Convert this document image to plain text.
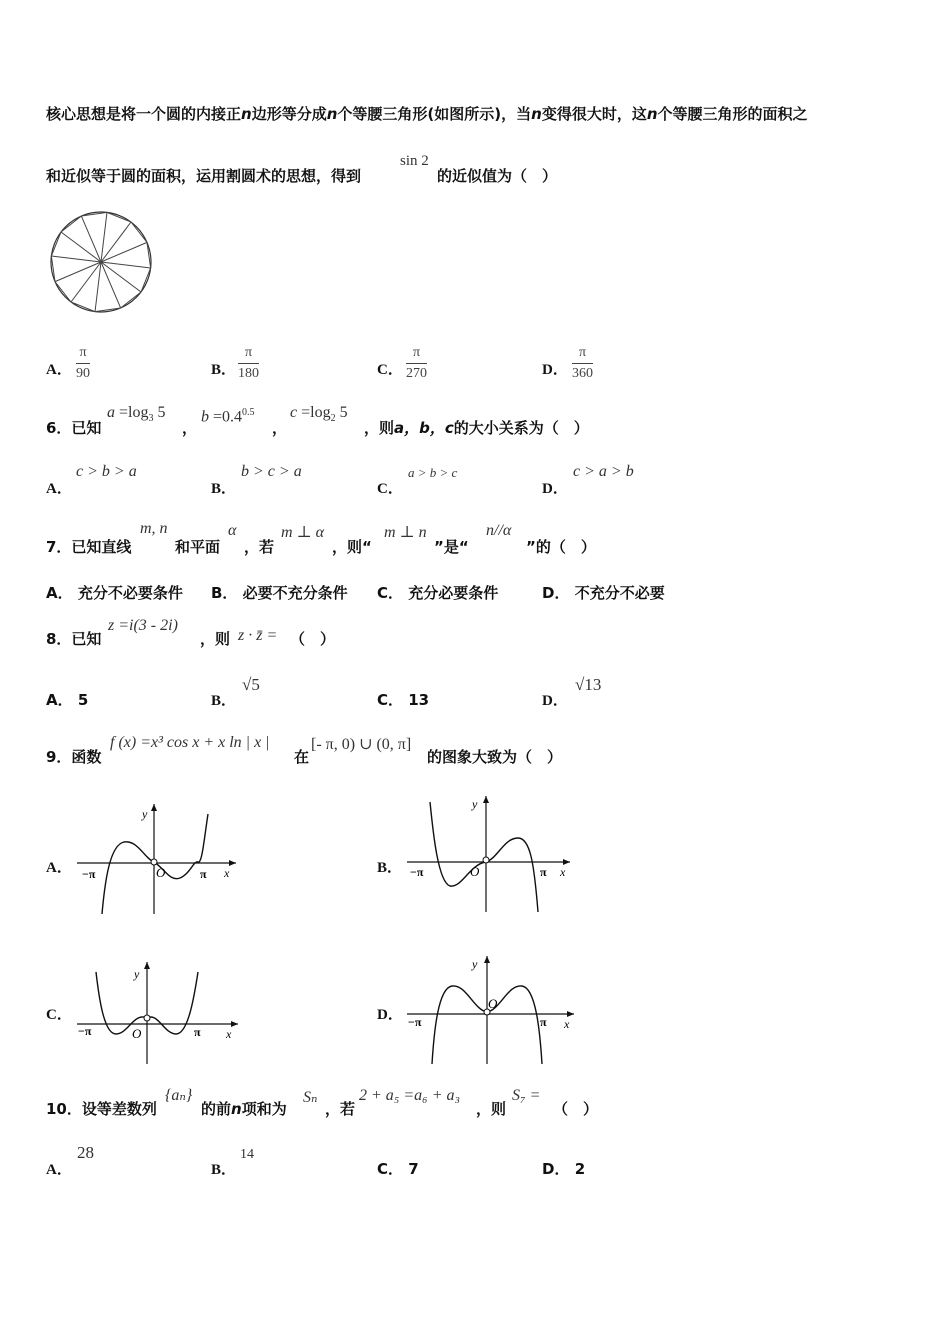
核心思想是将一个圆的内接正n边形等分成n个等腰三角形(如图所示)，当n变得很大时，这n个等腰三角形的面积之
和近似等于圆的面积，运用割圆术的思想，得到
sin 2
的近似值为（　）
A． $\frac{\pi}{90}$	B． $\frac{\pi}{180}$	C． $\frac{\pi}{270}$	D． $\frac{\pi}{360}$
6．已知
$a =\log_3$ 5
，
$b =0.4^{0.5}$
，
$c =\log_2$ 5
，则a，b，c的大小关系为（　）
A．
c > b > a
B．
b > c > a
C．
a > b > c
D．
c > a > b
7．已知直线
m, n
和平面
α
，若
m ⊥ α
，则“
m ⊥ n
”是“
n//α
”的（　）
A． 充分不必要条件 B． 必要不充分条件 C． 充分必要条件	D． 不充分不必要
8．已知
z =i(3 - 2i)
，则 z · z̄ = （　）
A． 5	B．
√5
C． 13	D．
√13
9．函数
f (x) =x³ cos x + x ln | x |
在
[- π, 0) ∪ (0, π]
的图象大致为（　）
A．
y
x
O
−π	π	B．
y
x
O
−π	π
C．
y
x
O
−π	π
D．
y
x
O
−π	π
10．设等差数列
{aₙ}
的前n项和为
Sₙ
，若
2 + a₅ =a₆ + a₃
，则
S₇ =
（　）
A．
28
B．
14
C． 7	D． 2
